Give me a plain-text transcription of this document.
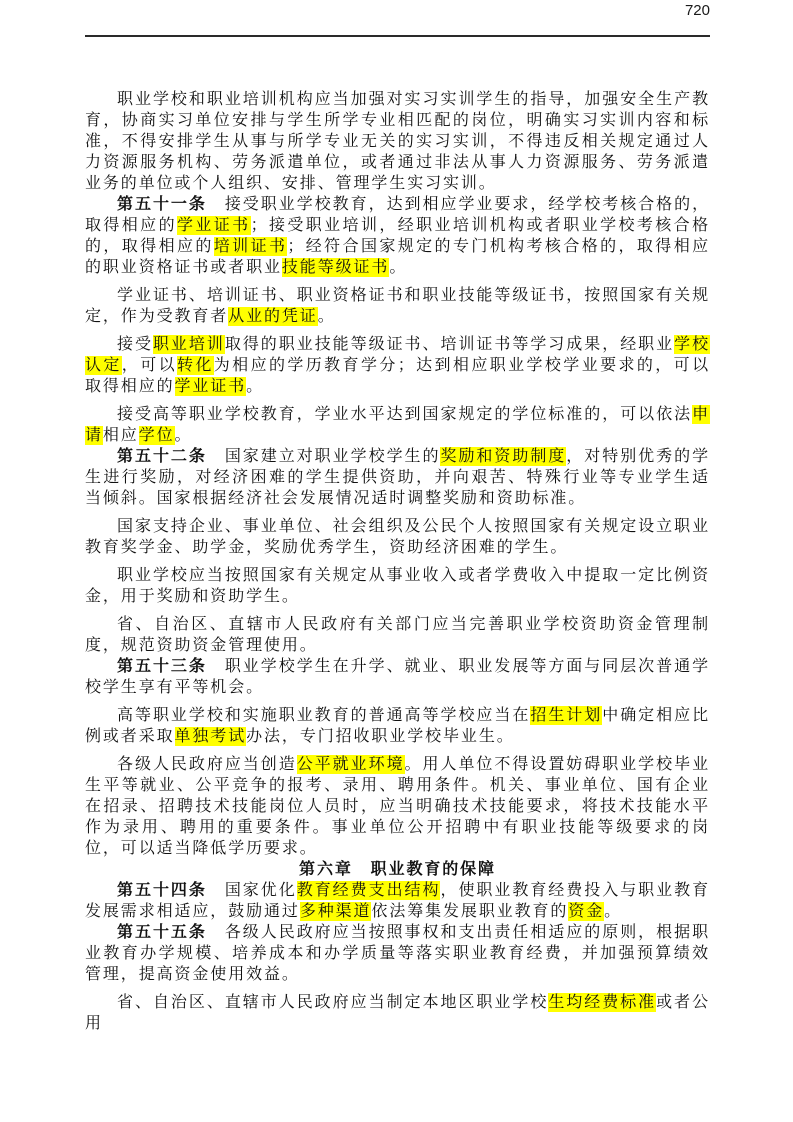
720

职业学校和职业培训机构应当加强对实习实训学生的指导，加强安全生产教育，协商实习单位安排与学生所学专业相匹配的岗位，明确实习实训内容和标准，不得安排学生从事与所学专业无关的实习实训，不得违反相关规定通过人力资源服务机构、劳务派遣单位，或者通过非法从事人力资源服务、劳务派遣业务的单位或个人组织、安排、管理学生实习实训。

第五十一条　接受职业学校教育，达到相应学业要求，经学校考核合格的，取得相应的学业证书；接受职业培训，经职业培训机构或者职业学校考核合格的，取得相应的培训证书；经符合国家规定的专门机构考核合格的，取得相应的职业资格证书或者职业技能等级证书。

学业证书、培训证书、职业资格证书和职业技能等级证书，按照国家有关规定，作为受教育者从业的凭证。

接受职业培训取得的职业技能等级证书、培训证书等学习成果，经职业学校认定，可以转化为相应的学历教育学分；达到相应职业学校学业要求的，可以取得相应的学业证书。

接受高等职业学校教育，学业水平达到国家规定的学位标准的，可以依法申请相应学位。

第五十二条　国家建立对职业学校学生的奖励和资助制度，对特别优秀的学生进行奖励，对经济困难的学生提供资助，并向艰苦、特殊行业等专业学生适当倾斜。国家根据经济社会发展情况适时调整奖励和资助标准。

国家支持企业、事业单位、社会组织及公民个人按照国家有关规定设立职业教育奖学金、助学金，奖励优秀学生，资助经济困难的学生。

职业学校应当按照国家有关规定从事业收入或者学费收入中提取一定比例资金，用于奖励和资助学生。

省、自治区、直辖市人民政府有关部门应当完善职业学校资助资金管理制度，规范资助资金管理使用。

第五十三条　职业学校学生在升学、就业、职业发展等方面与同层次普通学校学生享有平等机会。

高等职业学校和实施职业教育的普通高等学校应当在招生计划中确定相应比例或者采取单独考试办法，专门招收职业学校毕业生。

各级人民政府应当创造公平就业环境。用人单位不得设置妨碍职业学校毕业生平等就业、公平竞争的报考、录用、聘用条件。机关、事业单位、国有企业在招录、招聘技术技能岗位人员时，应当明确技术技能要求，将技术技能水平作为录用、聘用的重要条件。事业单位公开招聘中有职业技能等级要求的岗位，可以适当降低学历要求。

第六章　职业教育的保障

第五十四条　国家优化教育经费支出结构，使职业教育经费投入与职业教育发展需求相适应，鼓励通过多种渠道依法筹集发展职业教育的资金。

第五十五条　各级人民政府应当按照事权和支出责任相适应的原则，根据职业教育办学规模、培养成本和办学质量等落实职业教育经费，并加强预算绩效管理，提高资金使用效益。

省、自治区、直辖市人民政府应当制定本地区职业学校生均经费标准或者公用
